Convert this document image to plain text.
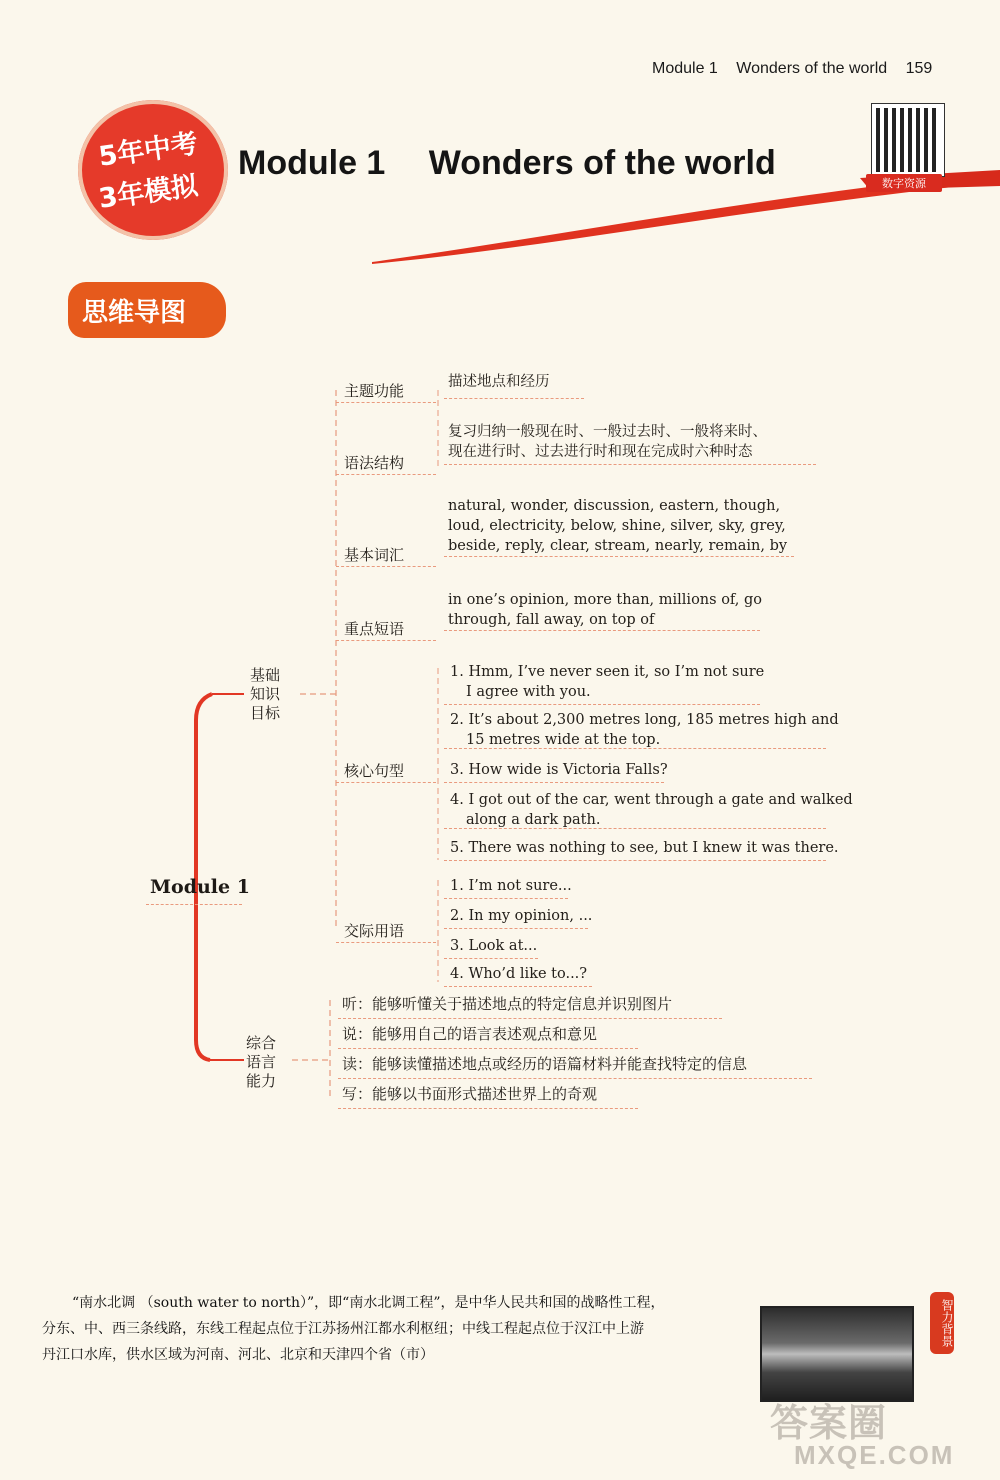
Module 1 Wonders of the world 159
5年中考
3年模拟
Module 1 Wonders of the world
数字资源
思维导图
Module 1
基础
知识
目标
综合
语言
能力
主题功能
语法结构
基本词汇
重点短语
核心句型
交际用语
描述地点和经历
复习归纳一般现在时、一般过去时、一般将来时、
现在进行时、过去进行时和现在完成时六种时态
natural, wonder, discussion, eastern, though,
loud, electricity, below, shine, silver, sky, grey,
beside, reply, clear, stream, nearly, remain, by
in one’s opinion, more than, millions of, go
through, fall away, on top of
1. Hmm, I’ve never seen it, so I’m not sure
I agree with you.
2. It’s about 2,300 metres long, 185 metres high and
15 metres wide at the top.
3. How wide is Victoria Falls?
4. I got out of the car, went through a gate and walked
along a dark path.
5. There was nothing to see, but I knew it was there.
1. I’m not sure...
2. In my opinion, ...
3. Look at...
4. Who’d like to...?
听：能够听懂关于描述地点的特定信息并识别图片
说：能够用自己的语言表述观点和意见
读：能够读懂描述地点或经历的语篇材料并能查找特定的信息
写：能够以书面形式描述世界上的奇观
“南水北调 （south water to north）”，即“南水北调工程”，是中华人民共和国的战略性工程，
分东、中、西三条线路，东线工程起点位于江苏扬州江都水利枢纽；中线工程起点位于汉江中上游
丹江口水库，供水区域为河南、河北、北京和天津四个省（市）
智力背景
答案圈
MXQE.COM
